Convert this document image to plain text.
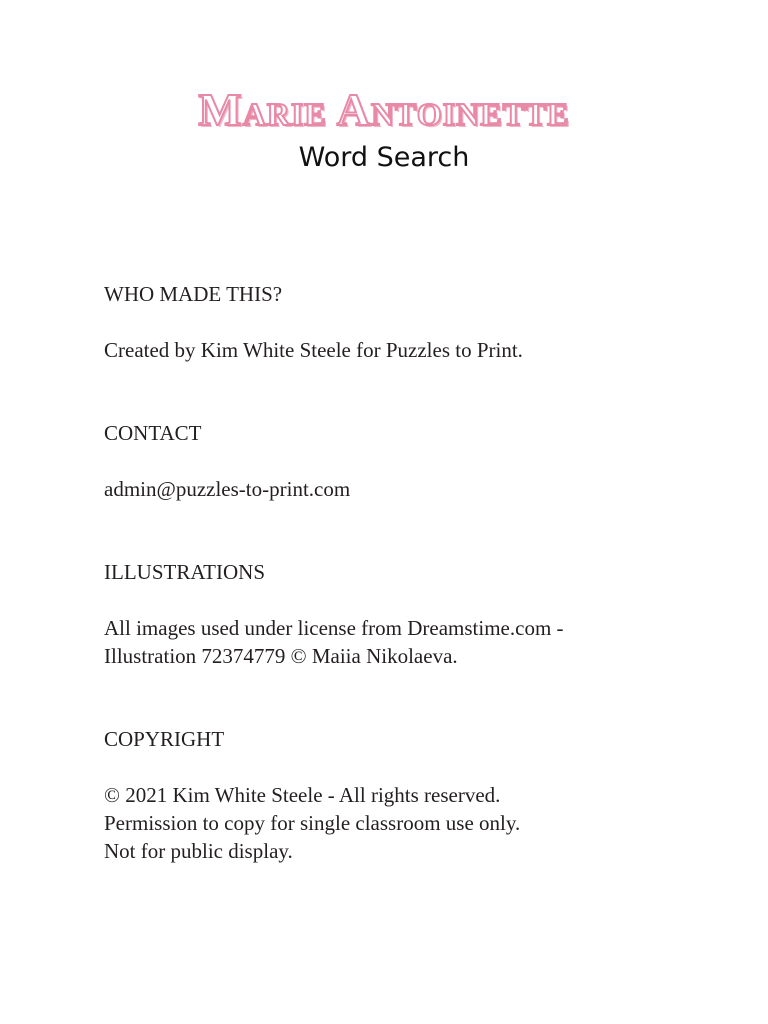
Marie Antoinette
Word Search

WHO MADE THIS?

Created by Kim White Steele for Puzzles to Print.

CONTACT

admin@puzzles-to-print.com

ILLUSTRATIONS

All images used under license from Dreamstime.com -

Illustration 72374779 © Maiia Nikolaeva.

COPYRIGHT

© 2021 Kim White Steele - All rights reserved.

Permission to copy for single classroom use only.

Not for public display.
